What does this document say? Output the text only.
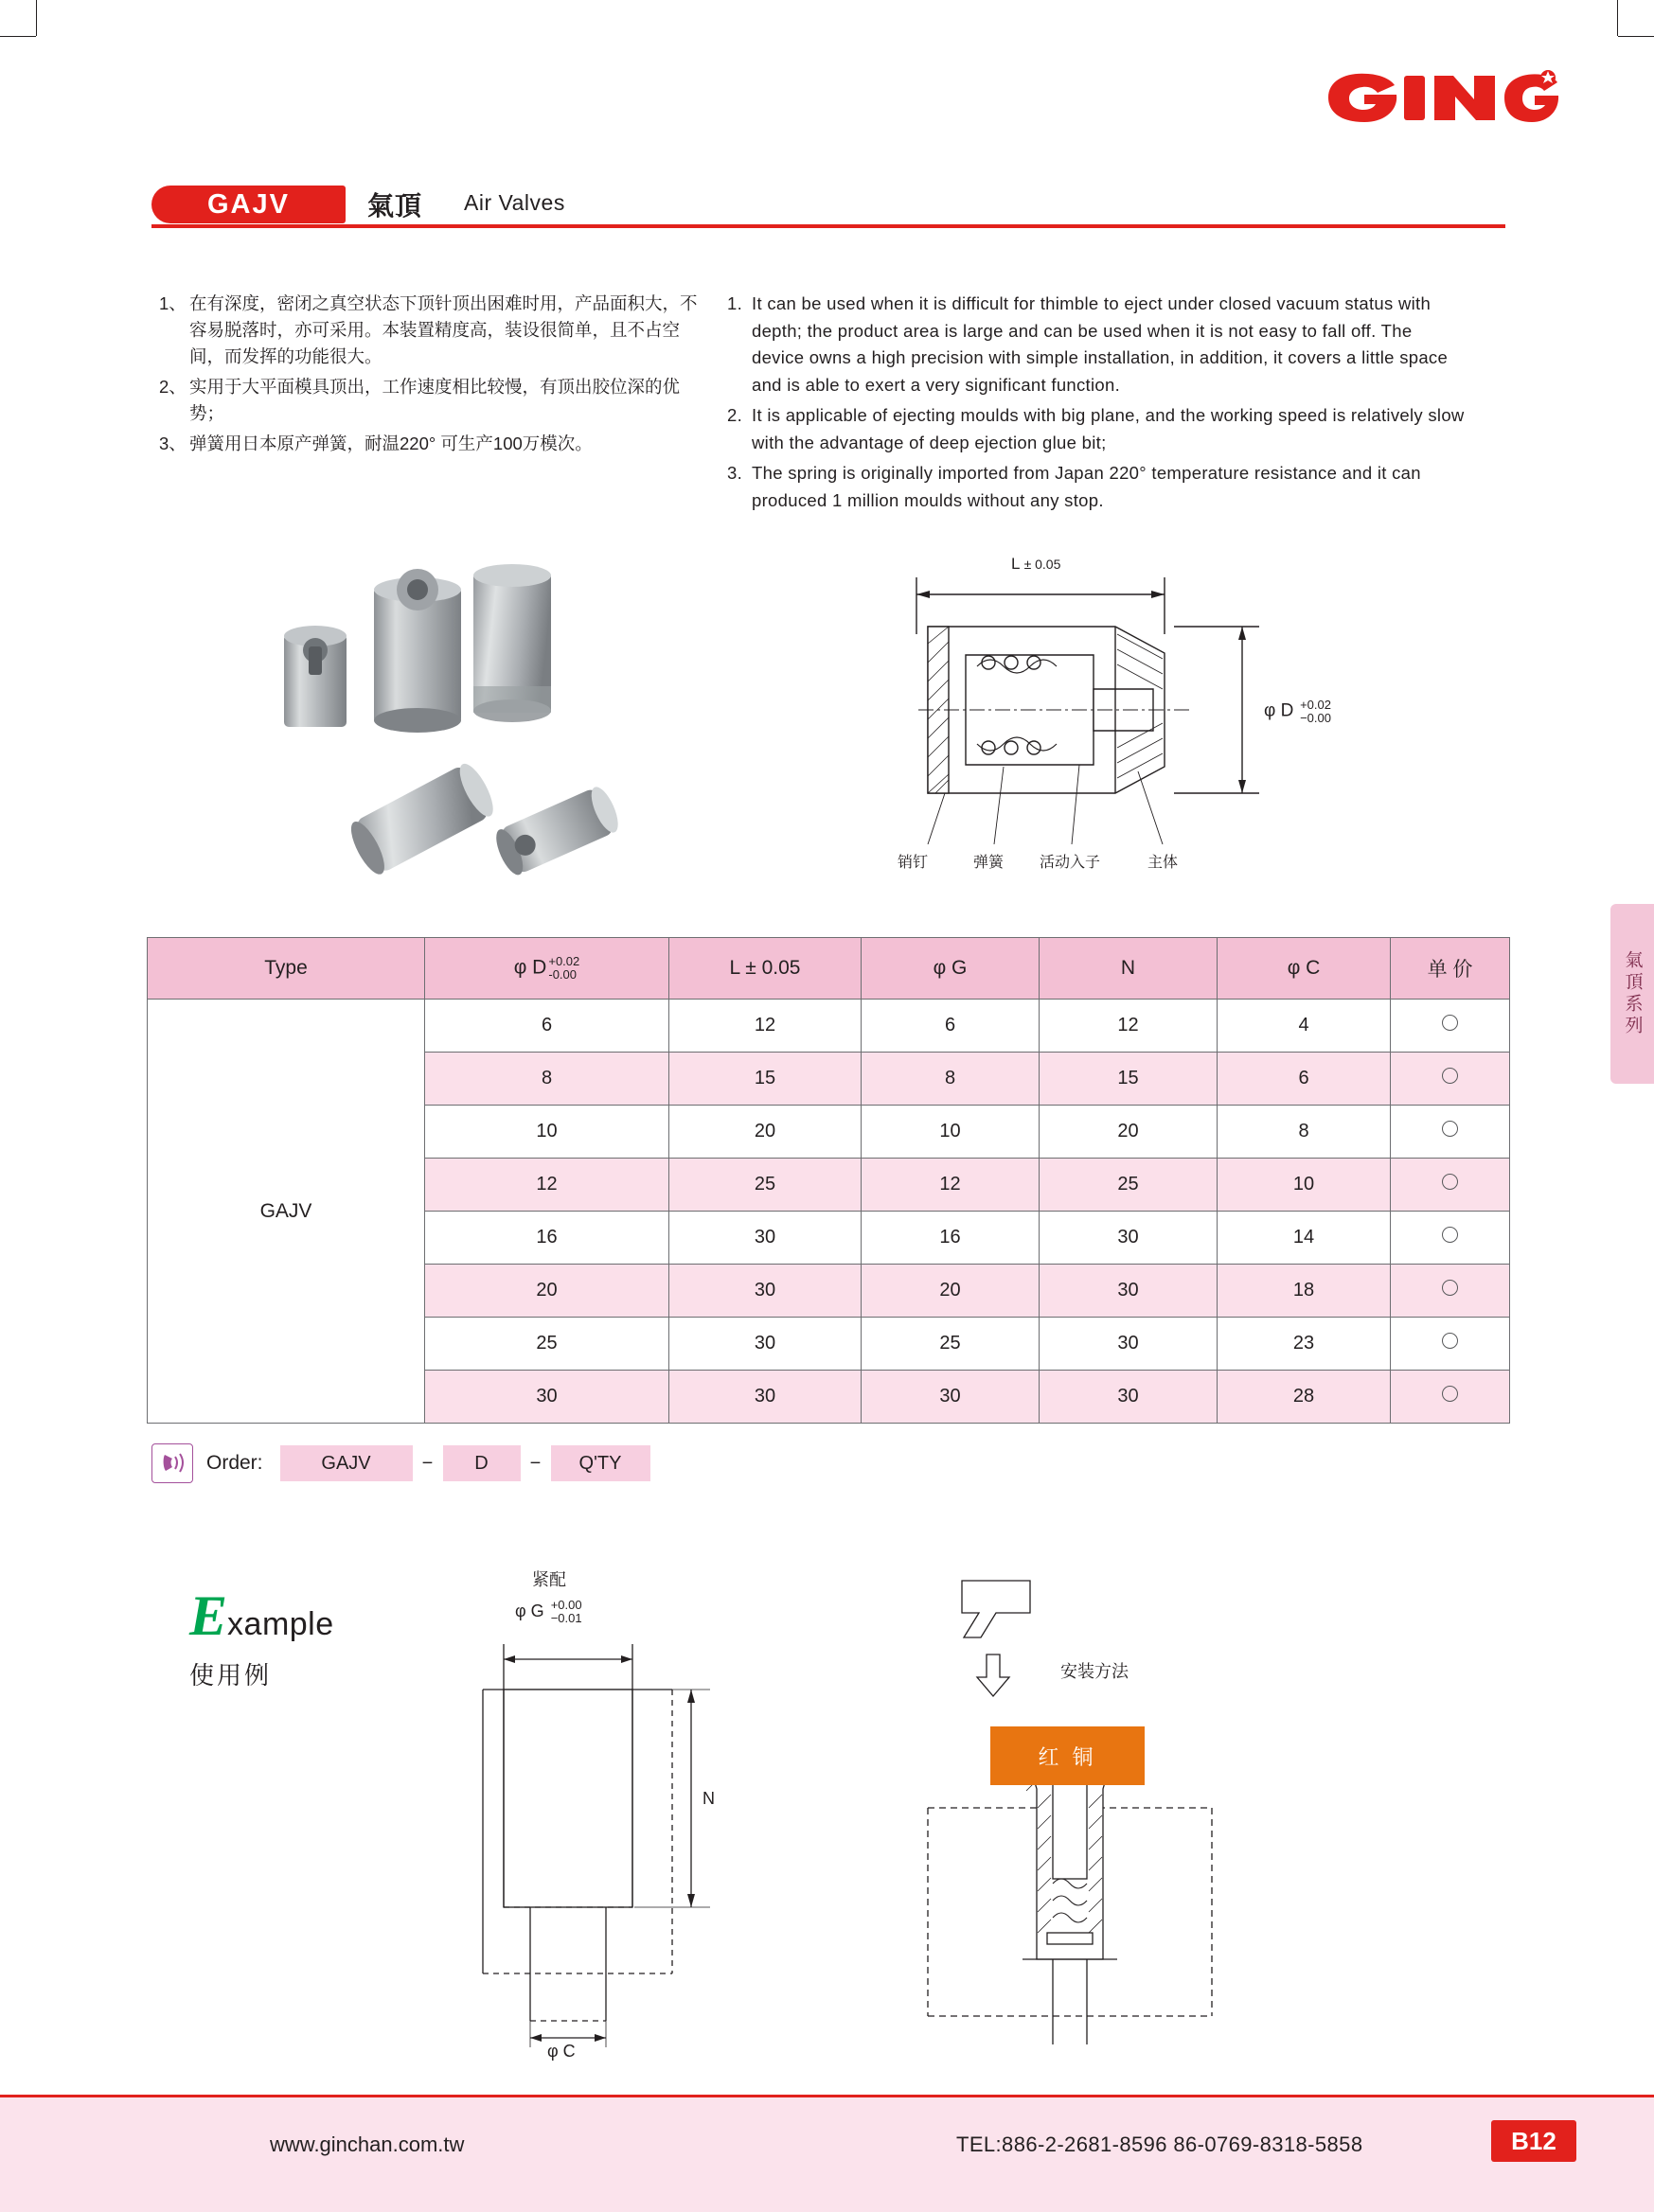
GAJV	氣頂 Air Valves
1、 在有深度，密闭之真空状态下顶针顶出困难时用，产品面积大，不容易脱落时，亦可采用。本装置精度高，装设很简单，且不占空间，而发挥的功能很大。
2、 实用于大平面模具顶出，工作速度相比较慢，有顶出胶位深的优势；
3、 弹簧用日本原产弹簧，耐温220° 可生产100万模次。
1. It can be used when it is difficult for thimble to eject under closed vacuum status with depth; the product area is large and can be used when it is not easy to fall off. The device owns a high precision with simple installation, in addition, it covers a little space and is able to exert a very significant function.
2. It is applicable of ejecting moulds with big plane, and the working speed is relatively slow with the advantage of deep ejection glue bit;
3. The spring is originally imported from Japan 220° temperature resistance and it can produced 1 million moulds without any stop.
L ± 0.05
φ D +0.02
−0.00
销钉	弹簧 活动入子	主体
氣頂系列
Type	φ D +0.02
-0.00	L ± 0.05	φ G	N	φ C	单 价
GAJV	6	12	6	12	4	
	8	15	8	15	6	
	10	20	10	20	8	
	12	25	12	25	10	
	16	30	16	30	14	
	20	30	20	30	18	
	25	30	25	30	23	
	30	30	30	30	28	
Order:	GAJV	−	D	−	Q'TY
Example
使用例
紧配
φ G +0.00
−0.01
N
φ C
红 铜
安装方法
www.ginchan.com.tw	TEL:886-2-2681-8596 86-0769-8318-5858	B12
